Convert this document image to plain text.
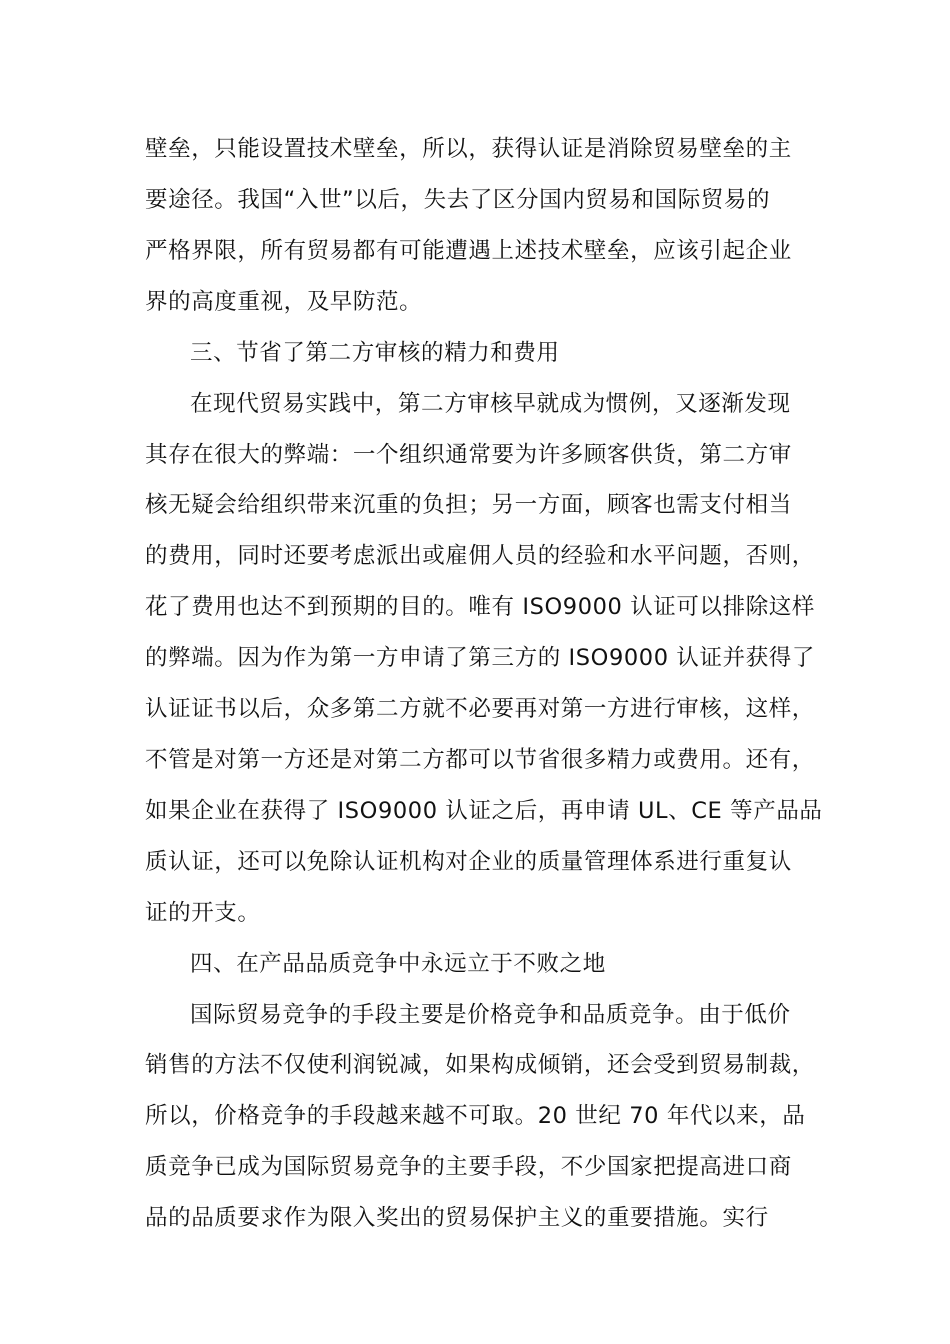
壁垒，只能设置技术壁垒，所以，获得认证是消除贸易壁垒的主
要途径。我国“入世”以后，失去了区分国内贸易和国际贸易的
严格界限，所有贸易都有可能遭遇上述技术壁垒，应该引起企业
界的高度重视，及早防范。
三、节省了第二方审核的精力和费用
在现代贸易实践中，第二方审核早就成为惯例，又逐渐发现
其存在很大的弊端：一个组织通常要为许多顾客供货，第二方审
核无疑会给组织带来沉重的负担；另一方面，顾客也需支付相当
的费用，同时还要考虑派出或雇佣人员的经验和水平问题，否则，
花了费用也达不到预期的目的。唯有 ISO9000 认证可以排除这样
的弊端。因为作为第一方申请了第三方的 ISO9000 认证并获得了
认证证书以后，众多第二方就不必要再对第一方进行审核，这样，
不管是对第一方还是对第二方都可以节省很多精力或费用。还有，
如果企业在获得了 ISO9000 认证之后，再申请 UL、CE 等产品品
质认证，还可以免除认证机构对企业的质量管理体系进行重复认
证的开支。
四、在产品品质竞争中永远立于不败之地
国际贸易竞争的手段主要是价格竞争和品质竞争。由于低价
销售的方法不仅使利润锐减，如果构成倾销，还会受到贸易制裁，
所以，价格竞争的手段越来越不可取。20 世纪 70 年代以来，品
质竞争已成为国际贸易竞争的主要手段，不少国家把提高进口商
品的品质要求作为限入奖出的贸易保护主义的重要措施。实行
